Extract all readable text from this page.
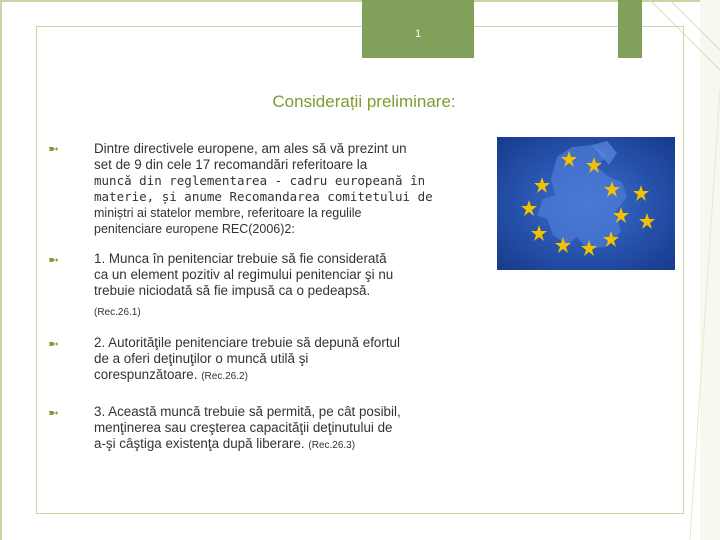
1
Considerații preliminare:
➼	Dintre directivele europene, am ales să vă prezint un
set de 9 din cele 17 recomandări referitoare la
muncă din reglementarea - cadru europeană în
materie, și anume Recomandarea comitetului de
miniștri ai statelor membre, referitoare la regulile
penitenciare europene REC(2006)2:
➼	1. Munca în penitenciar trebuie să fie considerată
ca un element pozitiv al regimului penitenciar şi nu
trebuie niciodată să fie impusă ca o pedeapsă.
(Rec.26.1)
➼	2. Autorităţile penitenciare trebuie să depună efortul
de a oferi deţinuţilor o muncă utilă şi
corespunzătoare. (Rec.26.2)
➼	3. Această muncă trebuie să permită, pe cât posibil,
menţinerea sau creşterea capacităţii deţinutului de
a-şi câştiga existenţa după liberare. (Rec.26.3)
